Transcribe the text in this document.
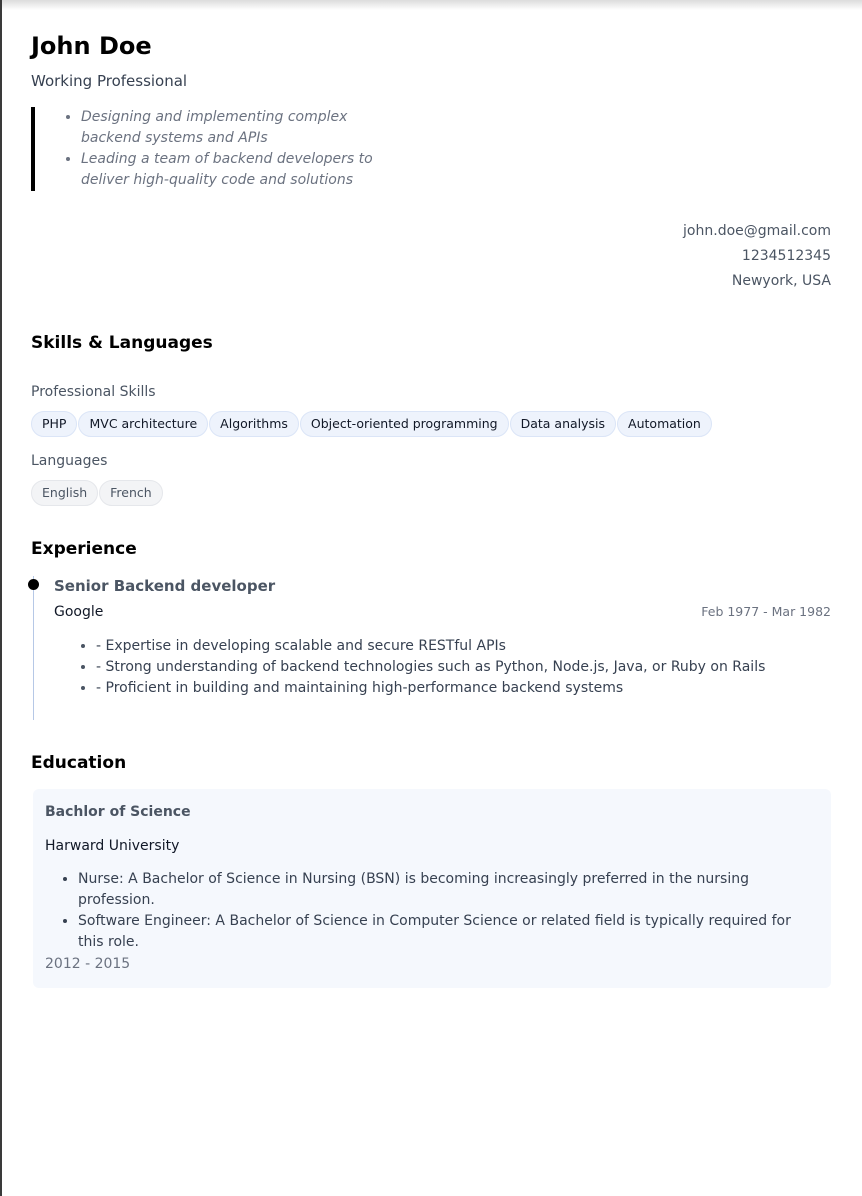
John Doe
Working Professional
• Designing and implementing complex backend systems and APIs
• Leading a team of backend developers to deliver high-quality code and solutions
john.doe@gmail.com
1234512345
Newyork, USA
Skills & Languages
Professional Skills
PHP	MVC architecture	Algorithms	Object-oriented programming	Data analysis	Automation
Languages
English	French
Experience
Senior Backend developer
Google	Feb 1977 - Mar 1982
• - Expertise in developing scalable and secure RESTful APIs
• - Strong understanding of backend technologies such as Python, Node.js, Java, or Ruby on Rails
• - Proficient in building and maintaining high-performance backend systems
Education
Bachlor of Science
Harward University
• Nurse: A Bachelor of Science in Nursing (BSN) is becoming increasingly preferred in the nursing profession.
• Software Engineer: A Bachelor of Science in Computer Science or related field is typically required for this role.
2012 - 2015
